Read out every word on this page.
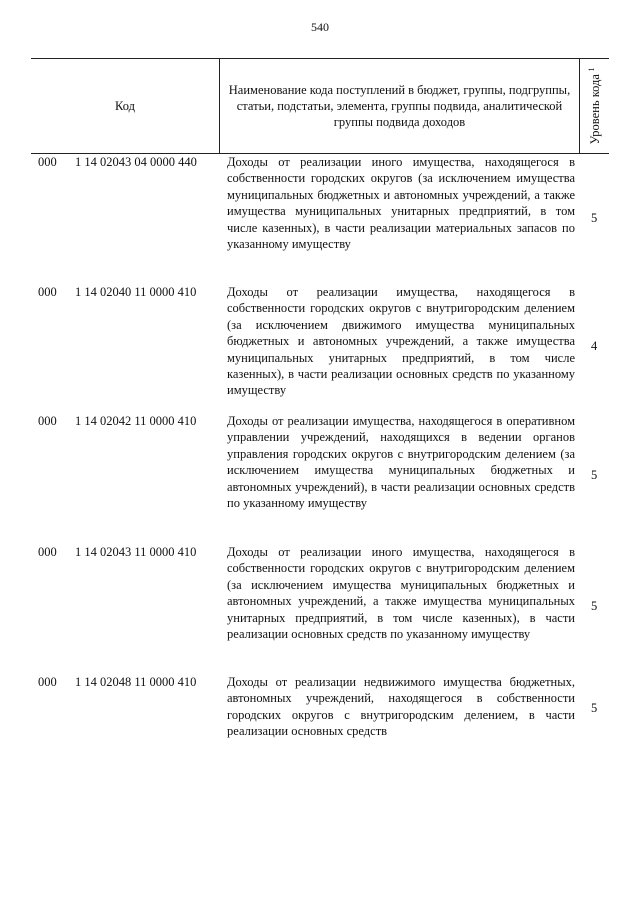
540
Код
Наименование кода поступлений в бюджет, группы, подгруппы, статьи, подстатьи, элемента, группы подвида, аналитической группы подвида доходов	Уровень кода $^1$
000 1 14 02043 04 0000 440 Доходы от реализации иного имущества, находящегося в собственности городских округов (за исключением имущества муниципальных бюджетных и автономных учреждений, а также имущества муниципальных унитарных предприятий, в том числе казенных), в части реализации материальных запасов по указанному имуществу
5
000 1 14 02040 11 0000 410 Доходы от реализации имущества, находящегося в собственности городских округов с внутригородским делением (за исключением движимого имущества муниципальных бюджетных и автономных учреждений, а также имущества муниципальных унитарных предприятий, в том числе казенных), в части реализации основных средств по указанному имуществу
4
000 1 14 02042 11 0000 410 Доходы от реализации имущества, находящегося в оперативном управлении учреждений, находящихся в ведении органов управления городских округов с внутригородским делением (за исключением имущества муниципальных бюджетных и автономных учреждений), в части реализации основных средств по указанному имуществу
5
000 1 14 02043 11 0000 410 Доходы от реализации иного имущества, находящегося в собственности городских округов с внутригородским делением (за исключением имущества муниципальных бюджетных и автономных учреждений, а также имущества муниципальных унитарных предприятий, в том числе казенных), в части реализации основных средств по указанному имуществу
5
000 1 14 02048 11 0000 410 Доходы от реализации недвижимого имущества бюджетных, автономных учреждений, находящегося в собственности городских округов с внутригородским делением, в части реализации основных средств
5
